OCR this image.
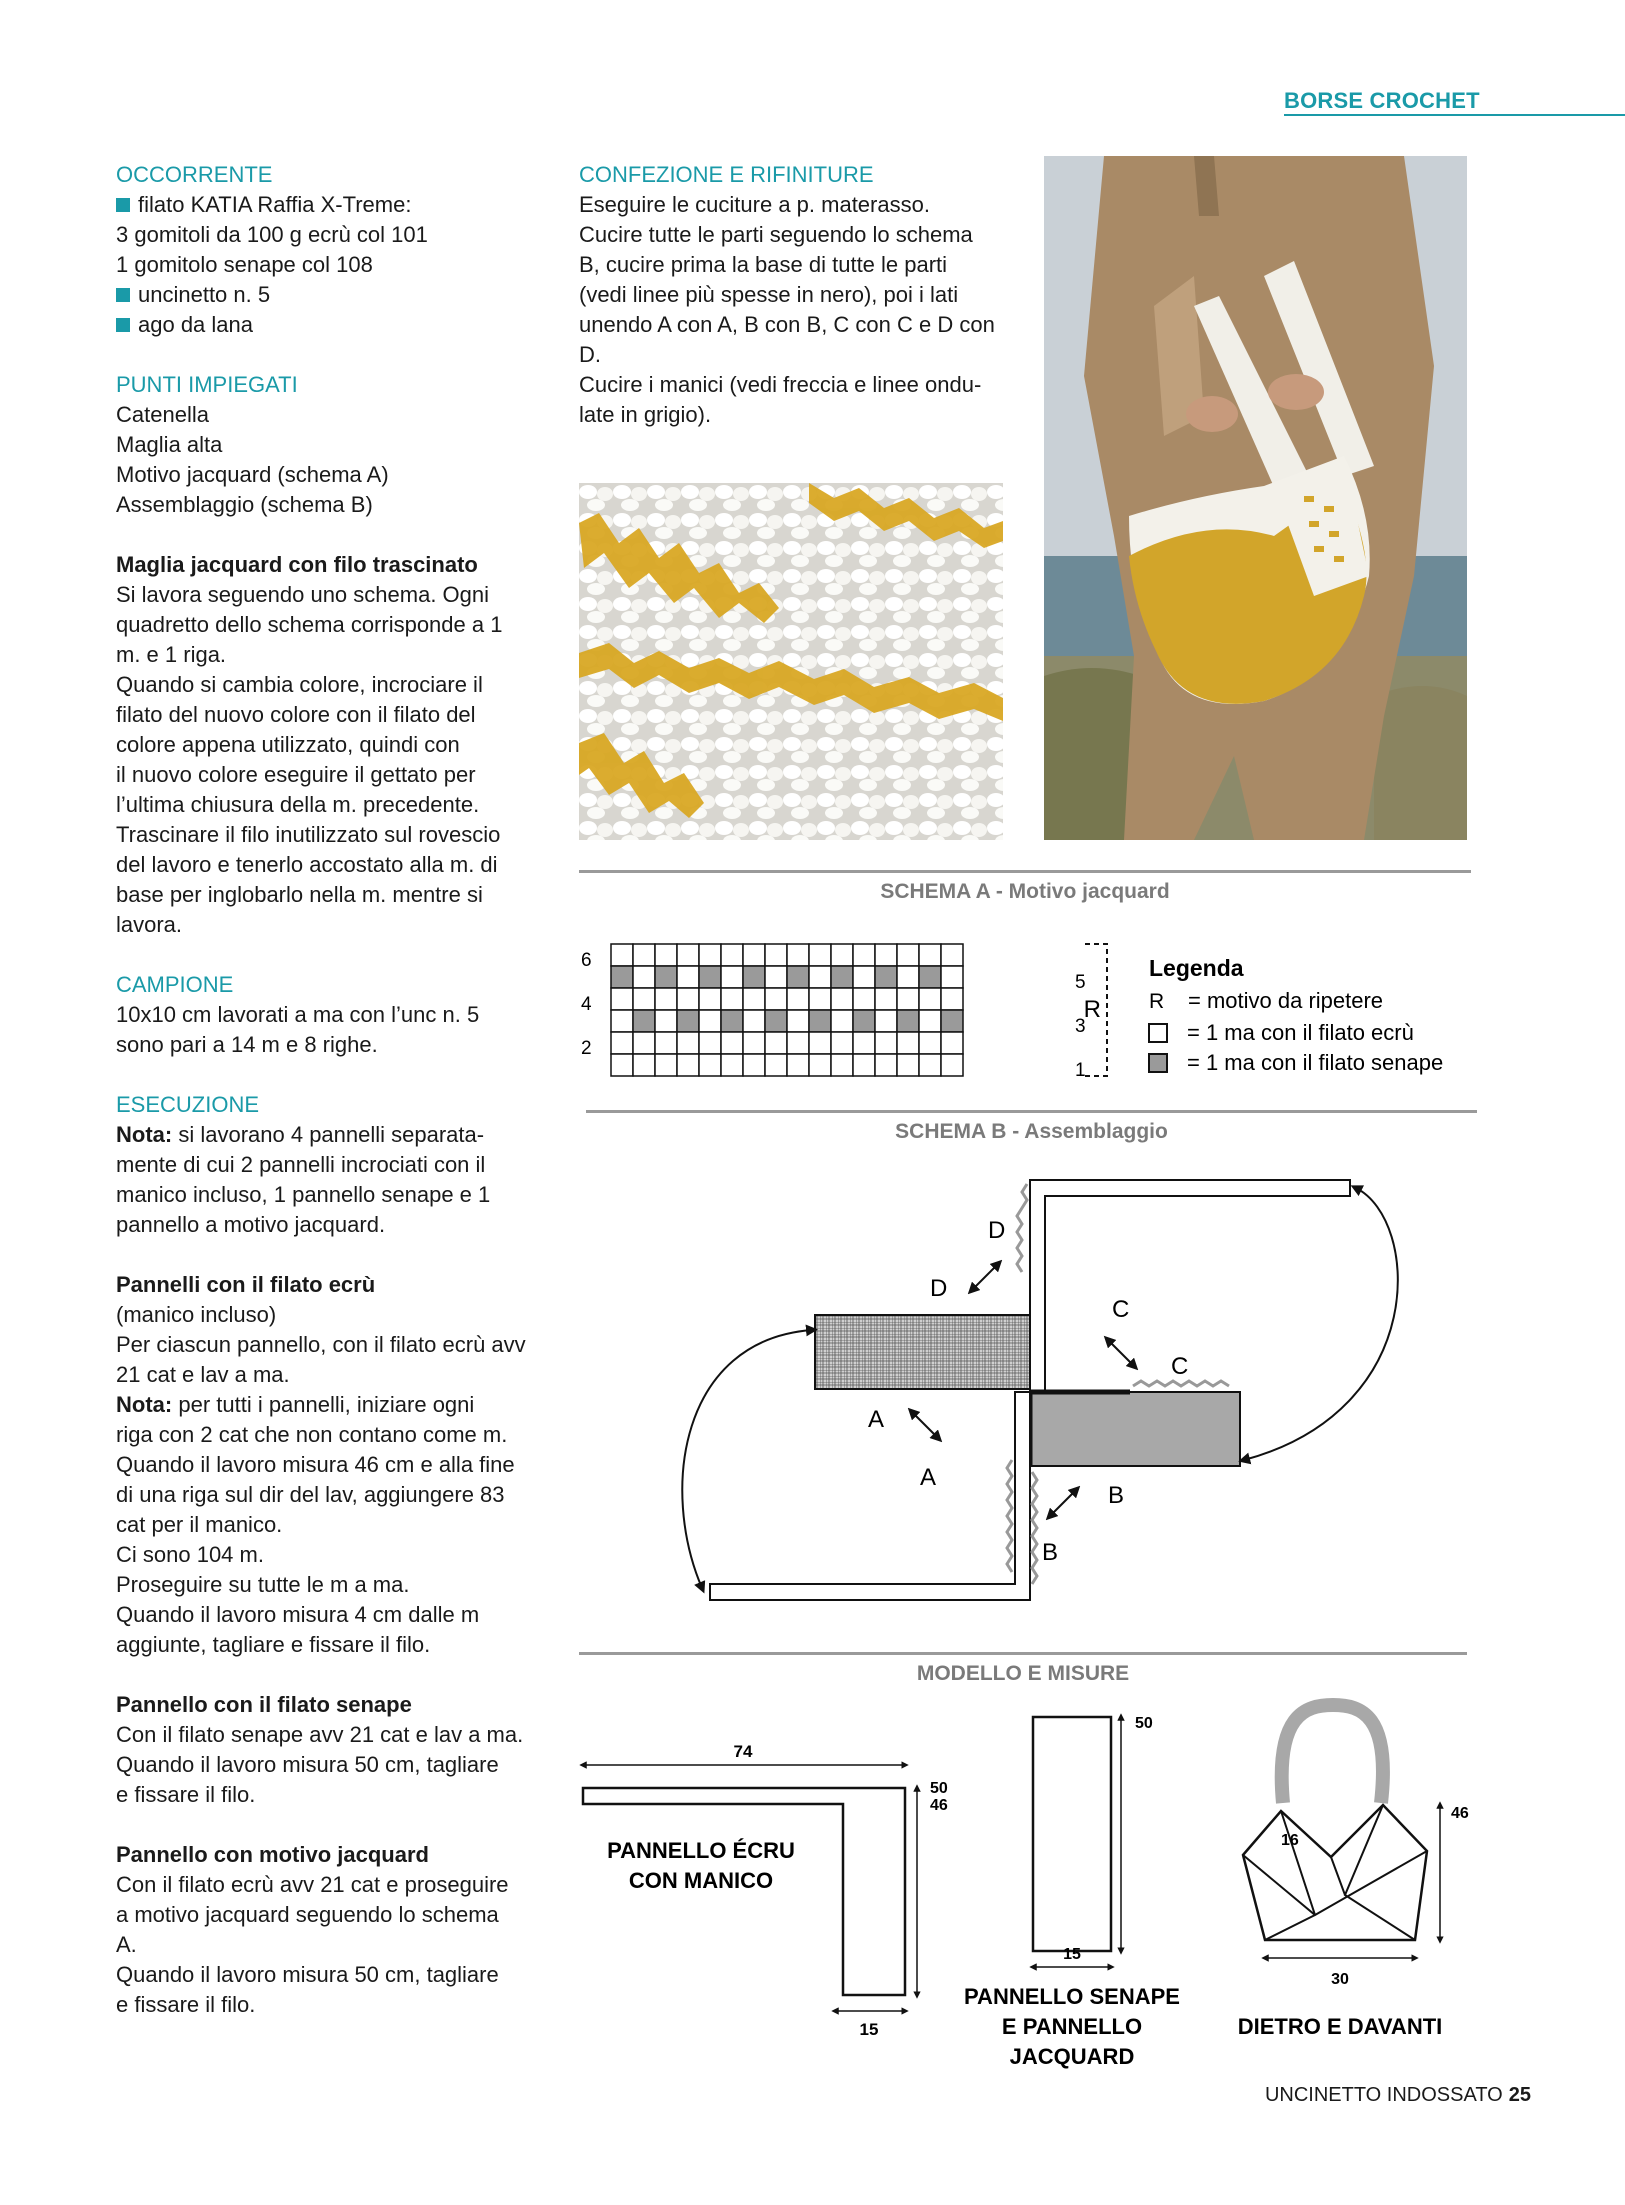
BORSE CROCHET
OCCORRENTE
filato KATIA Raffia X-Treme:
3 gomitoli da 100 g ecrù col 101
1 gomitolo senape col 108
uncinetto n. 5
ago da lana
PUNTI IMPIEGATI
Catenella
Maglia alta
Motivo jacquard (schema A)
Assemblaggio (schema B)
Maglia jacquard con filo trascinato
Si lavora seguendo uno schema. Ogni
quadretto dello schema corrisponde a 1
m. e 1 riga.
Quando si cambia colore, incrociare il
filato del nuovo colore con il filato del
colore appena utilizzato, quindi con
il nuovo colore eseguire il gettato per
l’ultima chiusura della m. precedente.
Trascinare il filo inutilizzato sul rovescio
del lavoro e tenerlo accostato alla m. di
base per inglobarlo nella m. mentre si
lavora.
CAMPIONE
10x10 cm lavorati a ma con l’unc n. 5
sono pari a 14 m e 8 righe.
ESECUZIONE
Nota: si lavorano 4 pannelli separata-
mente di cui 2 pannelli incrociati con il
manico incluso, 1 pannello senape e 1
pannello a motivo jacquard.
Pannelli con il filato ecrù
(manico incluso)
Per ciascun pannello, con il filato ecrù avv
21 cat e lav a ma.
Nota: per tutti i pannelli, iniziare ogni
riga con 2 cat che non contano come m.
Quando il lavoro misura 46 cm e alla fine
di una riga sul dir del lav, aggiungere 83
cat per il manico.
Ci sono 104 m.
Proseguire su tutte le m a ma.
Quando il lavoro misura 4 cm dalle m
aggiunte, tagliare e fissare il filo.
Pannello con il filato senape
Con il filato senape avv 21 cat e lav a ma.
Quando il lavoro misura 50 cm, tagliare
e fissare il filo.
Pannello con motivo jacquard
Con il filato ecrù avv 21 cat e proseguire
a motivo jacquard seguendo lo schema
A.
Quando il lavoro misura 50 cm, tagliare
e fissare il filo.
CONFEZIONE E RIFINITURE
Eseguire le cuciture a p. materasso.
Cucire tutte le parti seguendo lo schema
B, cucire prima la base di tutte le parti
(vedi linee più spesse in nero), poi i lati
unendo A con A, B con B, C con C e D con
D.
Cucire i manici (vedi freccia e linee ondu-
late in grigio).
SCHEMA A - Motivo jacquard
6
4
2
5
3
1
R
Legenda
R = motivo da ripetere
= 1 ma con il filato ecrù
= 1 ma con il filato senape
SCHEMA B - Assemblaggio
D
D
C
C
A
A
B
B
MODELLO E MISURE
74
50
46
15
PANNELLO ÉCRU
CON MANICO
50
15
PANNELLO SENAPE
E PANNELLO
JACQUARD
46
16
30
DIETRO E DAVANTI
UNCINETTO INDOSSATO 25
